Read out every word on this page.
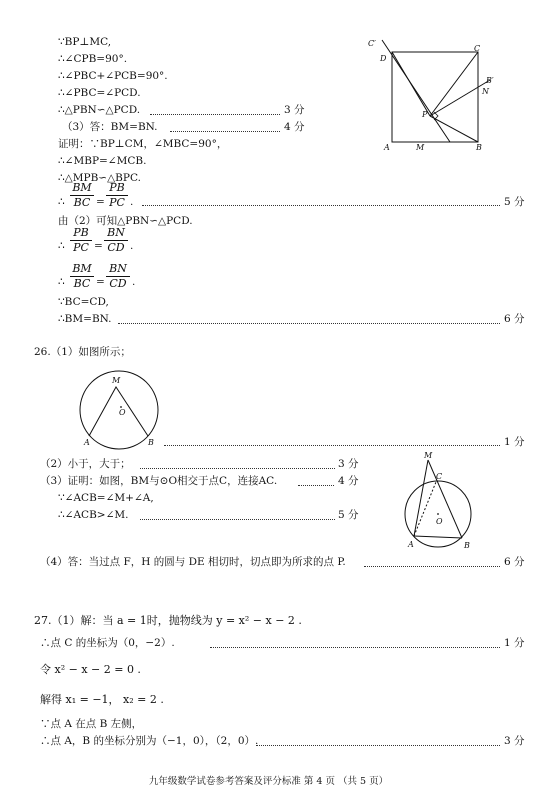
∵BP⊥MC,
∴∠CPB=90°.
∴∠PBC+∠PCB=90°.
∴∠PBC=∠PCD.
∴△PBN∽△PCD.	3 分
（3）答：BM=BN.	4 分
证明：∵BP⊥CM，∠MBC=90°，
∴∠MBP=∠MCB.
∴△MPB∽△BPC.
∴ $\frac{BM}{BC} = \frac{PB}{PC}$ .	5 分
由（2）可知△PBN∽△PCD.
∴ $\frac{PB}{PC} = \frac{BN}{CD}$ .
∴ $\frac{BM}{BC} = \frac{BN}{CD}$ .
∵BC=CD,
∴BM=BN.	6 分
C′
D
C
B′
N
P
A	M	B
26.（1）如图所示；
M
O
A	B	1 分
（2）小于，大于；	3 分
（3）证明：如图，BM与⊙O相交于点C，连接AC.	4 分
∵∠ACB=∠M+∠A,
∴∠ACB>∠M.	5 分
M
C
O
A	B
（4）答：当过点 F，H 的圆与 DE 相切时，切点即为所求的点 P.	6 分
27.（1）解：当 a = 1时，抛物线为 y = x² − x − 2 .
∴点 C 的坐标为（0，−2）.	1 分
令 x² − x − 2 = 0 .
解得 x₁ = −1， x₂ = 2 .
∵点 A 在点 B 左侧，
∴点 A，B 的坐标分别为（−1，0），（2，0）.	3 分
九年级数学试卷参考答案及评分标准 第 4 页 （共 5 页）
